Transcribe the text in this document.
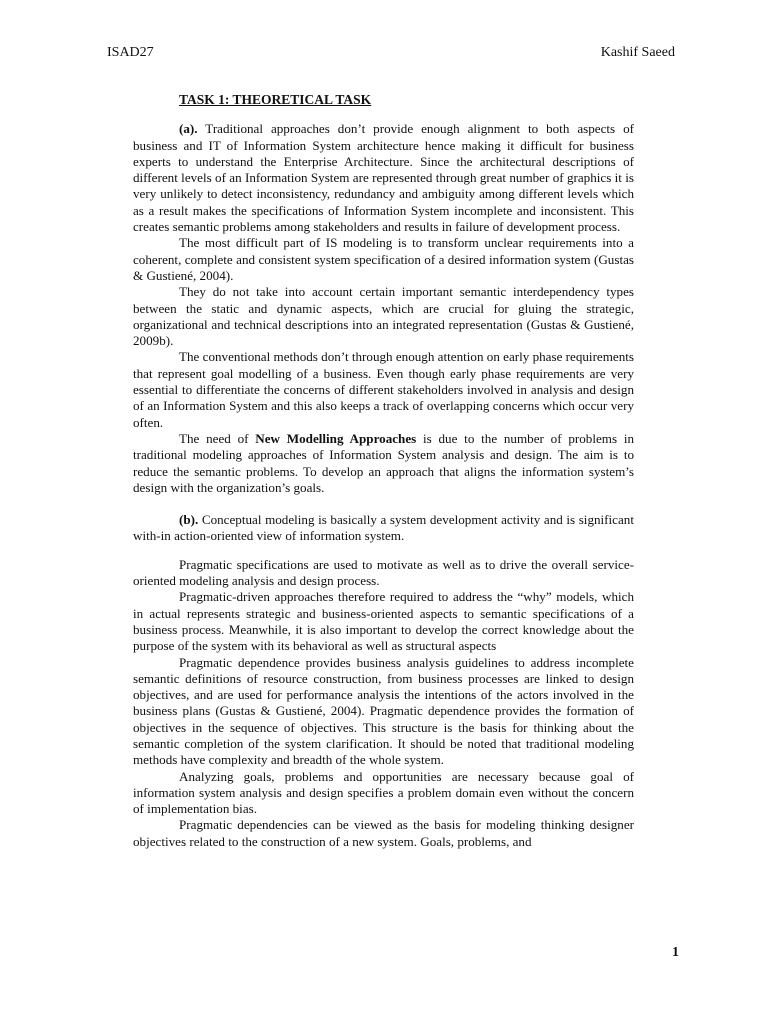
ISAD27	Kashif Saeed
TASK 1: THEORETICAL TASK

(a). Traditional approaches don’t provide enough alignment to both aspects of business and IT of Information System architecture hence making it difficult for business experts to understand the Enterprise Architecture. Since the architectural descriptions of different levels of an Information System are represented through great number of graphics it is very unlikely to detect inconsistency, redundancy and ambiguity among different levels which as a result makes the specifications of Information System incomplete and inconsistent. This creates semantic problems among stakeholders and results in failure of development process.

The most difficult part of IS modeling is to transform unclear requirements into a coherent, complete and consistent system specification of a desired information system (Gustas & Gustiené, 2004).

They do not take into account certain important semantic interdependency types between the static and dynamic aspects, which are crucial for gluing the strategic, organizational and technical descriptions into an integrated representation (Gustas & Gustiené, 2009b).

The conventional methods don’t through enough attention on early phase requirements that represent goal modelling of a business. Even though early phase requirements are very essential to differentiate the concerns of different stakeholders involved in analysis and design of an Information System and this also keeps a track of overlapping concerns which occur very often.

The need of New Modelling Approaches is due to the number of problems in traditional modeling approaches of Information System analysis and design. The aim is to reduce the semantic problems. To develop an approach that aligns the information system’s design with the organization’s goals.

(b). Conceptual modeling is basically a system development activity and is significant with-in action-oriented view of information system.

Pragmatic specifications are used to motivate as well as to drive the overall service-oriented modeling analysis and design process.

Pragmatic-driven approaches therefore required to address the “why” models, which in actual represents strategic and business-oriented aspects to semantic specifications of a business process. Meanwhile, it is also important to develop the correct knowledge about the purpose of the system with its behavioral as well as structural aspects

Pragmatic dependence provides business analysis guidelines to address incomplete semantic definitions of resource construction, from business processes are linked to design objectives, and are used for performance analysis the intentions of the actors involved in the business plans (Gustas & Gustiené, 2004). Pragmatic dependence provides the formation of objectives in the sequence of objectives. This structure is the basis for thinking about the semantic completion of the system clarification. It should be noted that traditional modeling methods have complexity and breadth of the whole system.

Analyzing goals, problems and opportunities are necessary because goal of information system analysis and design specifies a problem domain even without the concern of implementation bias.

Pragmatic dependencies can be viewed as the basis for modeling thinking designer objectives related to the construction of a new system. Goals, problems, and

1
